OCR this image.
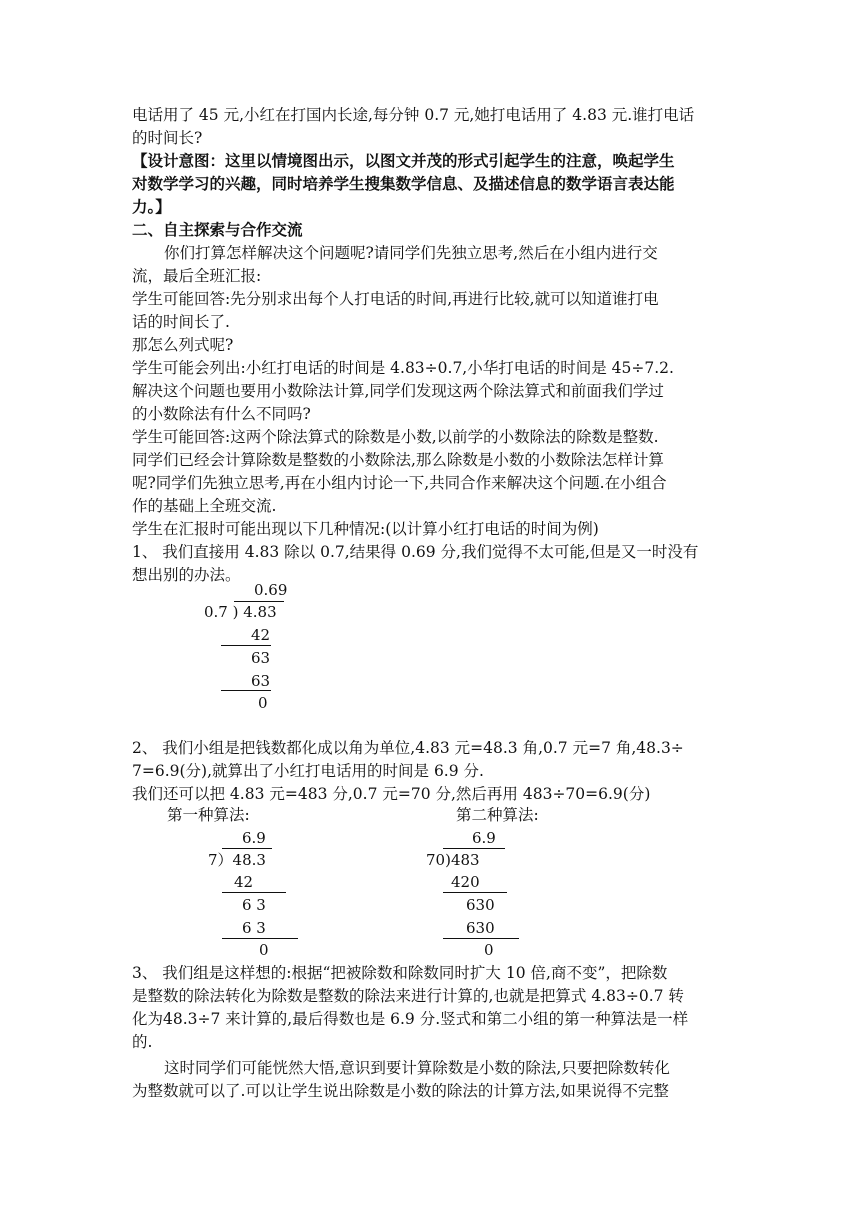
电话用了 45 元,小红在打国内长途,每分钟 0.7 元,她打电话用了 4.83 元.谁打电话
的时间长?
【设计意图：这里以情境图出示，以图文并茂的形式引起学生的注意，唤起学生
对数学学习的兴趣，同时培养学生搜集数学信息、及描述信息的数学语言表达能
力。】
二、自主探索与合作交流
你们打算怎样解决这个问题呢?请同学们先独立思考,然后在小组内进行交
流，最后全班汇报:
学生可能回答:先分别求出每个人打电话的时间,再进行比较,就可以知道谁打电
话的时间长了.
那怎么列式呢?
学生可能会列出:小红打电话的时间是 4.83÷0.7,小华打电话的时间是 45÷7.2.
解决这个问题也要用小数除法计算,同学们发现这两个除法算式和前面我们学过
的小数除法有什么不同吗?
学生可能回答:这两个除法算式的除数是小数,以前学的小数除法的除数是整数.
同学们已经会计算除数是整数的小数除法,那么除数是小数的小数除法怎样计算
呢?同学们先独立思考,再在小组内讨论一下,共同合作来解决这个问题.在小组合
作的基础上全班交流.
学生在汇报时可能出现以下几种情况:(以计算小红打电话的时间为例)
1、 我们直接用 4.83 除以 0.7,结果得 0.69 分,我们觉得不太可能,但是又一时没有
想出别的办法。
0.69
0.7 ) 4.83
42
63
63
0
2、 我们小组是把钱数都化成以角为单位,4.83 元=48.3 角,0.7 元=7 角,48.3÷
7=6.9(分),就算出了小红打电话用的时间是 6.9 分.
我们还可以把 4.83 元=483 分,0.7 元=70 分,然后再用 483÷70=6.9(分)
第一种算法:
6.9
7）48.3
42
6 3
6 3
0
第二种算法:
6.9
70)483
420
630
630
0
3、 我们组是这样想的:根据“把被除数和除数同时扩大 10 倍,商不变”，把除数
是整数的除法转化为除数是整数的除法来进行计算的,也就是把算式 4.83÷0.7 转
化为48.3÷7 来计算的,最后得数也是 6.9 分.竖式和第二小组的第一种算法是一样
的.
这时同学们可能恍然大悟,意识到要计算除数是小数的除法,只要把除数转化
为整数就可以了.可以让学生说出除数是小数的除法的计算方法,如果说得不完整
